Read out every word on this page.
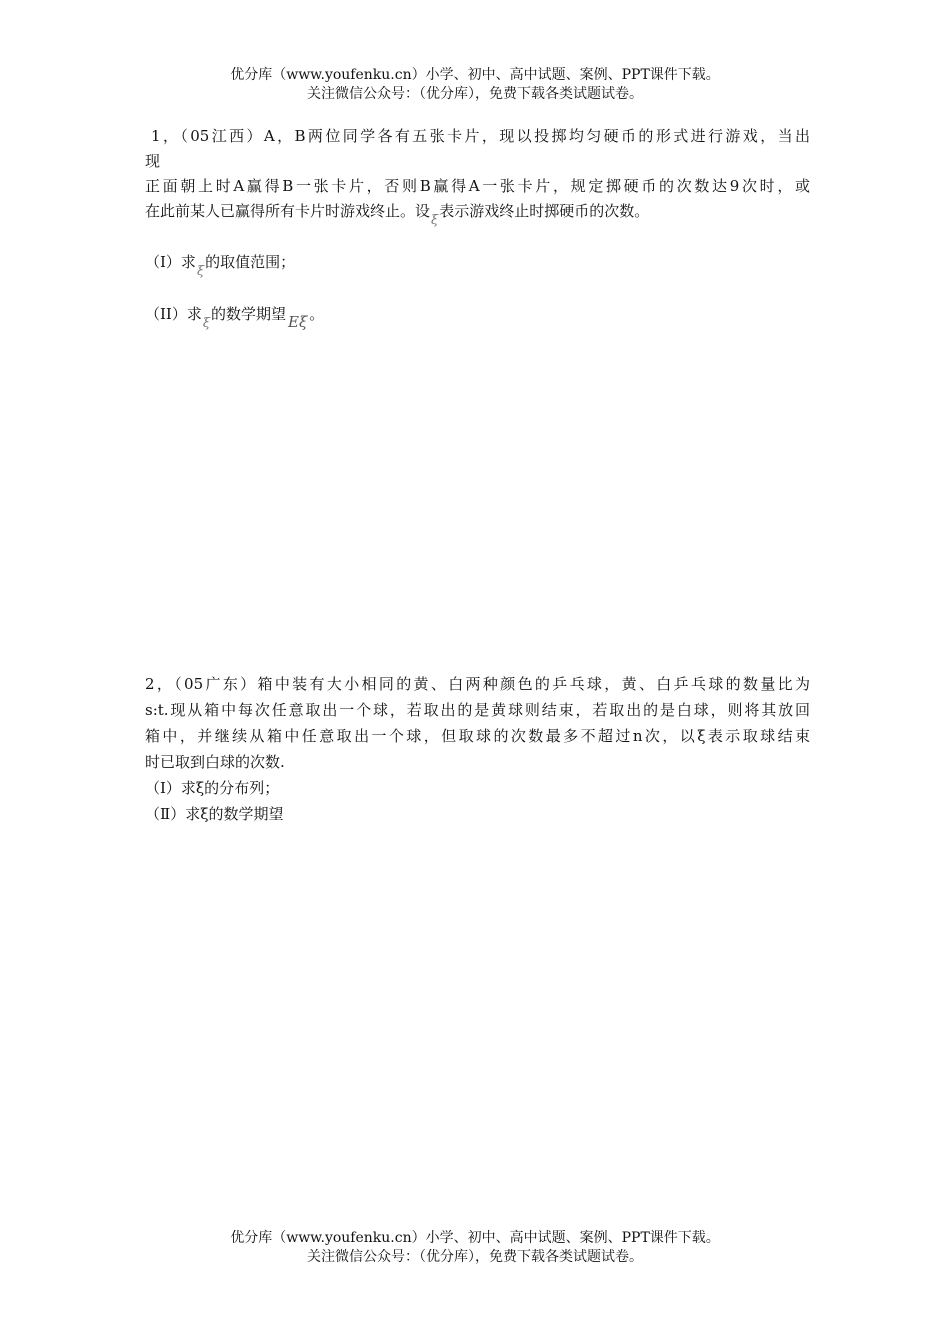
优分库（www.youfenku.cn）小学、初中、高中试题、案例、PPT课件下载。
关注微信公众号：（优分库），免费下载各类试题试卷。
1，（05江西）A，B两位同学各有五张卡片，现以投掷均匀硬币的形式进行游戏，当出
现
正面朝上时A赢得B一张卡片，否则B赢得A一张卡片，规定掷硬币的次数达9次时，或
在此前某人已赢得所有卡片时游戏终止。设ξ表示游戏终止时掷硬币的次数。
（I）求ξ的取值范围；
（II）求ξ的数学期望 Eξ 。
2，（05广东）箱中装有大小相同的黄、白两种颜色的乒乓球，黄、白乒乓球的数量比为
s:t.现从箱中每次任意取出一个球，若取出的是黄球则结束，若取出的是白球，则将其放回
箱中，并继续从箱中任意取出一个球，但取球的次数最多不超过n次，以ξ表示取球结束
时已取到白球的次数.
（Ⅰ）求ξ的分布列；
（Ⅱ）求ξ的数学期望
优分库（www.youfenku.cn）小学、初中、高中试题、案例、PPT课件下载。
关注微信公众号：（优分库），免费下载各类试题试卷。
